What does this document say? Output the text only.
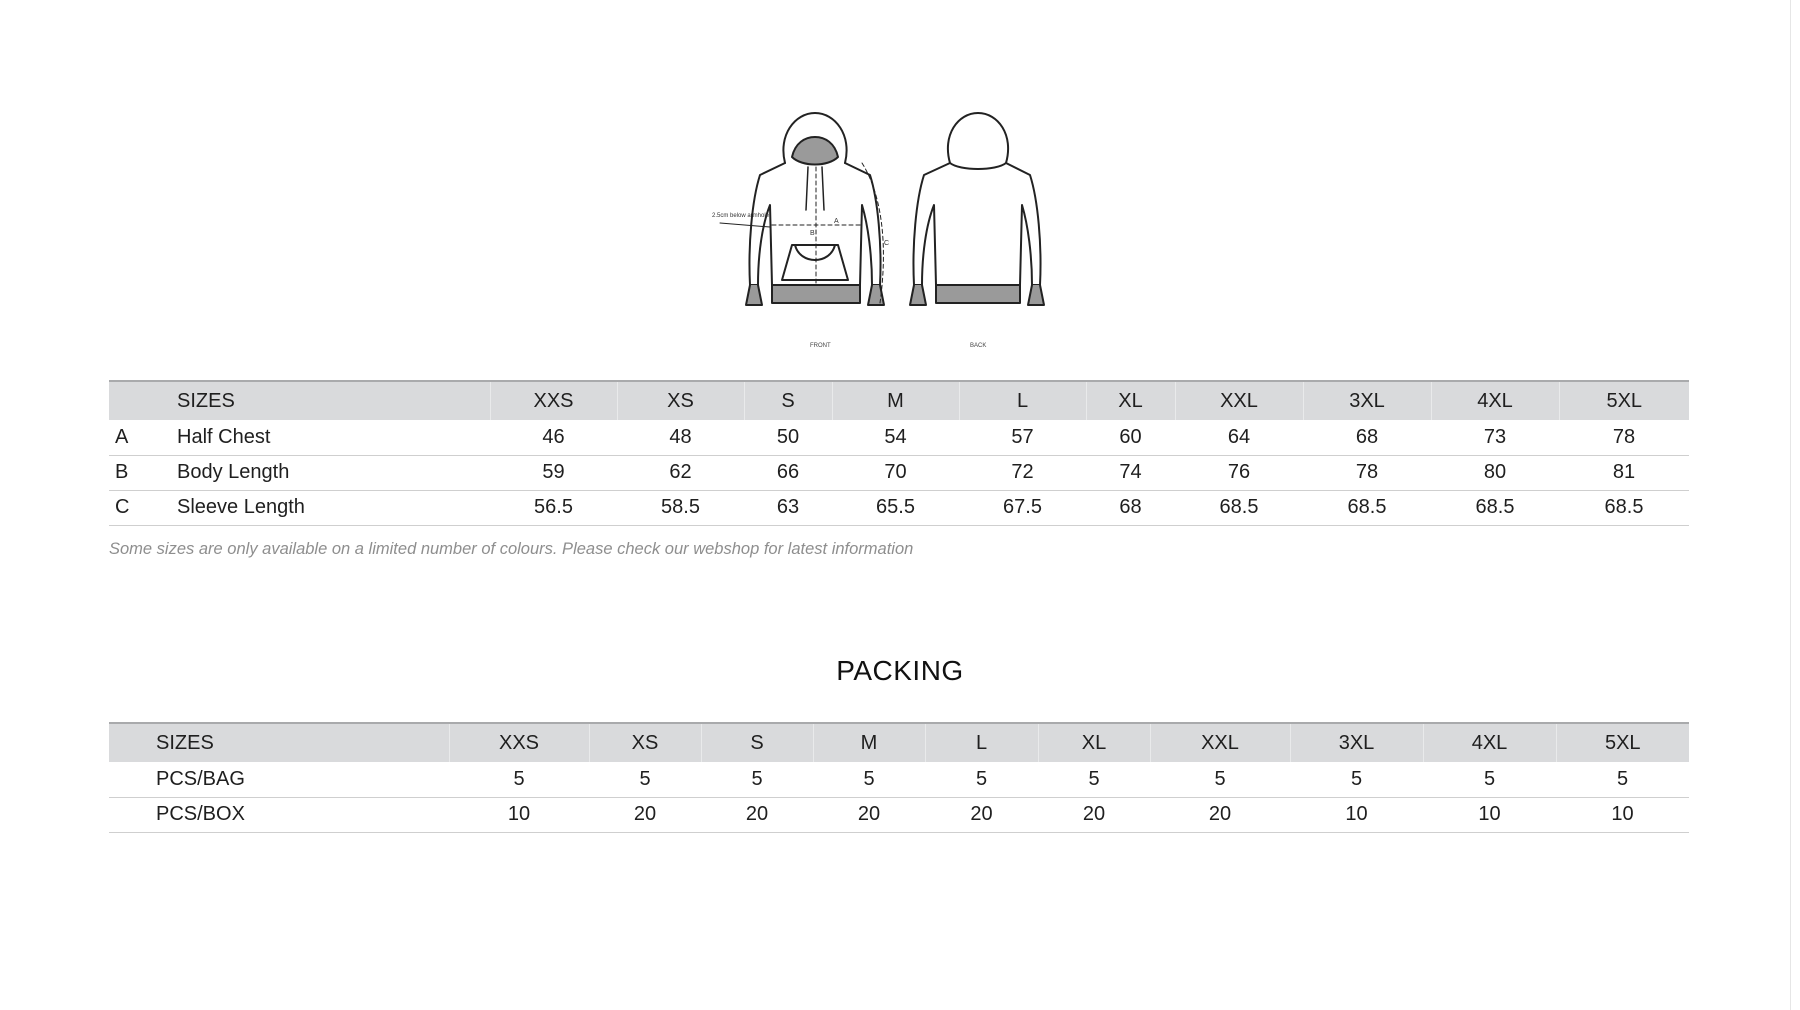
2.5cm below armhole
A
B
C
FRONT	BACK
	SIZES	XXS	XS	S	M	L	XL	XXL	3XL	4XL	5XL
A	Half Chest	46	48	50	54	57	60	64	68	73	78
B	Body Length	59	62	66	70	72	74	76	78	80	81
C	Sleeve Length	56.5	58.5	63	65.5	67.5	68	68.5	68.5	68.5	68.5
Some sizes are only available on a limited number of colours. Please check our webshop for latest information
PACKING
SIZES	XXS	XS	S	M	L	XL	XXL	3XL	4XL	5XL
PCS/BAG	5	5	5	5	5	5	5	5	5	5
PCS/BOX	10	20	20	20	20	20	20	10	10	10
